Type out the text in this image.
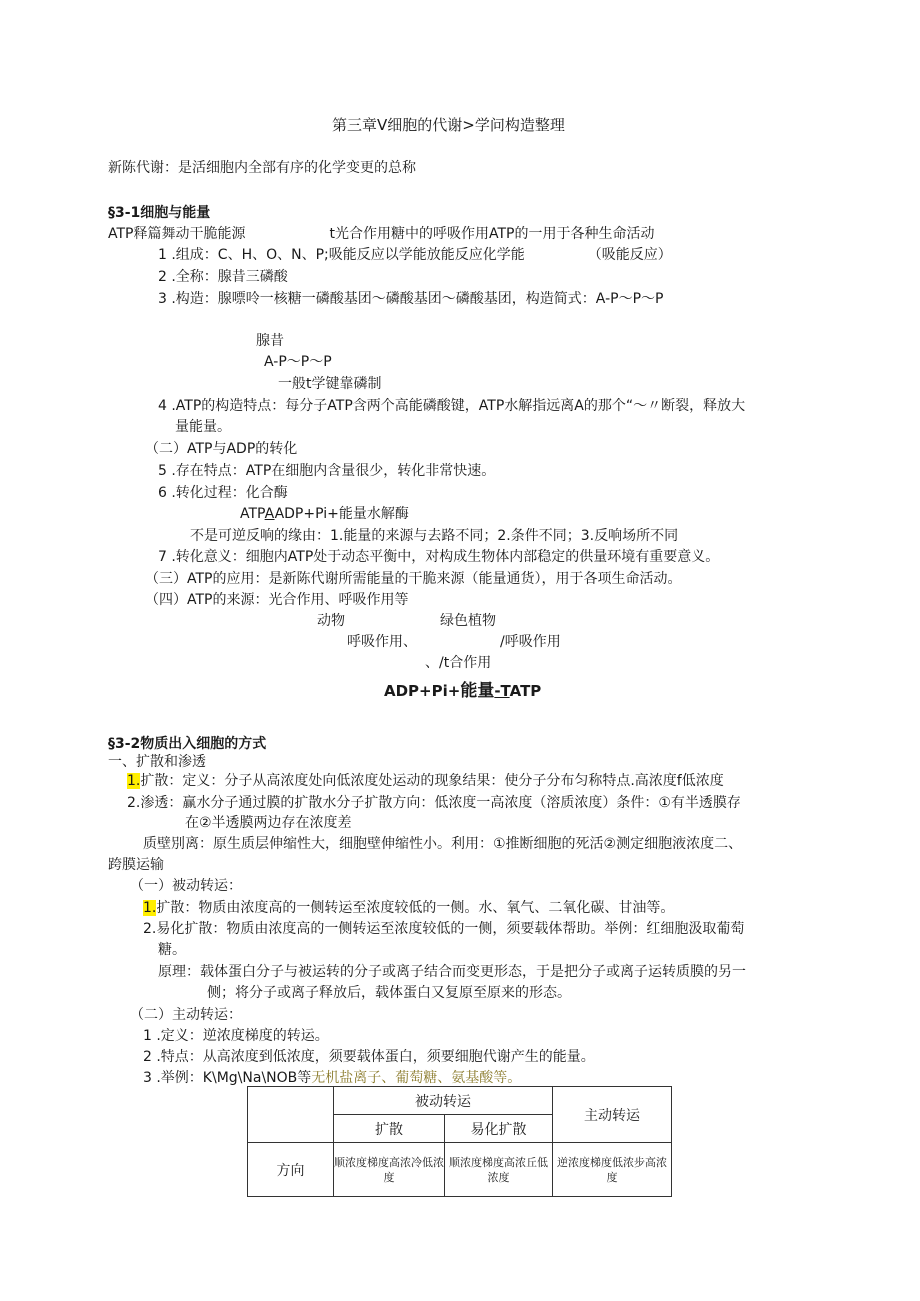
第三章V细胞的代谢>学问构造整理
新陈代谢：是活细胞内全部有序的化学变更的总称
§3-1细胞与能量
ATP释篇舞动干脆能源　　　　　　t光合作用糖中的呼吸作用ATP的一用于各种生命活动
1 .组成：C、H、O、N、P;吸能反应以学能放能反应化学能　　　　　（吸能反应）
2 .全称：腺昔三磷酸
3 .构造：腺嘌呤一核糖一磷酸基团～磷酸基团～磷酸基团，构造简式：A-P～P～P
腺昔
A-P～P～P
一般t学键靠磷制
4 .ATP的构造特点：每分子ATP含两个高能磷酸键，ATP水解指远离A的那个“～〃断裂，释放大
量能量。
（二）ATP与ADP的转化
5 .存在特点：ATP在细胞内含量很少，转化非常快速。
6 .转化过程：化合酶
ATPAADP+Pi+能量水解酶
不是可逆反响的缘由：1.能量的来源与去路不同；2.条件不同；3.反响场所不同
7 .转化意义：细胞内ATP处于动态平衡中，对构成生物体内部稳定的供量环境有重要意义。
（三）ATP的应用：是新陈代谢所需能量的干脆来源（能量通货），用于各项生命活动。
（四）ATP的来源：光合作用、呼吸作用等
动物	绿色植物
呼吸作用、	/呼吸作用
、/t合作用
ADP+Pi+能量-TATP
§3-2物质出入细胞的方式
一、扩散和渗透
1.扩散：定义：分子从高浓度处向低浓度处运动的现象结果：使分子分布匀称特点.高浓度f低浓度
2.渗透：赢水分子通过膜的扩散水分子扩散方向：低浓度一高浓度（溶质浓度）条件：①有半透膜存
在②半透膜两边存在浓度差
质壁別离：原生质层伸缩性大，细胞壁伸缩性小。利用：①推断细胞的死活②测定细胞液浓度二、
跨膜运输
（一）被动转运：
1.扩散：物质由浓度高的一侧转运至浓度较低的一侧。水、氧气、二氧化碳、甘油等。
2.易化扩散：物质由浓度高的一侧转运至浓度较低的一侧，须要载体帮助。举例：红细胞汲取葡萄
糖。
原理：载体蛋白分子与被运转的分子或离子结合而变更形态，于是把分子或离子运转质膜的另一
侧；将分子或离子释放后，载体蛋白又复原至原来的形态。
（二）主动转运：
1 .定义：逆浓度梯度的转运。
2 .特点：从高浓度到低浓度，须要载体蛋白，须要细胞代谢产生的能量。
3 .举例：K\Mg\Na\NOB等无机盐离子、葡萄糖、氨基酸等。
	被动转运		主动转运
	扩散	易化扩散	
方向	顺浓度梯度高浓冷低浓度	顺浓度梯度高浓丘低浓度	逆浓度梯度低浓步高浓度
